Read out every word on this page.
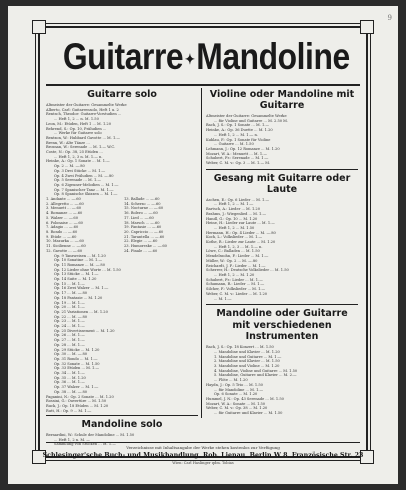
9
Guitarre ✦Mandoline
Guitarre solo
Altmeister der Guitarre: Gesammelte Werke
Alberto, Carl: Guitarrensolo, Heft 1 u. 2
Rentsch, Theodor: Guitarre-Vorstudien ...
... Heft 1, 2 ... n. M. 1.50
Leon, M.: Etüden, Heft 1 ... M. 1.20
Behrend, S.: Op. 10, Präludien ...
... Werke für Guitarre solo
Bentzon, W.: Hubbard Gavotte ... M. 1.—
Brenn, W.: Alte Tänze ...
Brosnan, W.: Serenade ... M. 1.— W.C.
Coste, N.: Op. 38, 25 Etüden ...
... Heft 1, 2, 3 n. M. 1.— n.
Heinke, A.: Op. 1 Sonate ... M. 1.—
Op. 2 ... M. —.80
Op. 3 Drei Stücke ... M. 1.—
Op. 4 Zwei Präludien ... M. —.80
Op. 5 Serenade ... M. 1.—
Op. 6 Zigeuner-Melodien ... M. 1.—
Op. 7 Spanischer Tanz ... M. 1.—
Op. 8 Spanische Skizzen ... M. 1.—
1. Andante ... —.60
2. Allegretto ... —.60
3. Menuett ... —.60
4. Romanze ... —.60
5. Walzer ... —.60
6. Polonaise ... —.60
7. Adagio ... —.60
8. Rondo ... —.60
9. Etüde ... —.60
10. Mazurka ... —.60
11. Sicilienne ... —.60
12. Gavotte ... —.60
13. Ballade ... —.60
14. Scherzo ... —.60
15. Nocturne ... —.60
16. Bolero ... —.60
17. Lied ... —.60
18. Marsch ... —.60
19. Fantasie ... —.60
20. Capriccio ... —.60
21. Tarantella ... —.60
22. Elegie ... —.60
23. Humoreske ... —.60
24. Finale ... —.60
Op. 9 Tanzweisen ... M. 1.20
Op. 10 Sonatine ... M. 1.—
Op. 11 Romanze ... M. —.80
Op. 12 Lieder ohne Worte ... M. 1.50
Op. 13 Stücke ... M. 1.—
Op. 14 Suite ... M. 1.20
Op. 15 ... M. 1.—
Op. 16 Zwei Walzer ... M. 1.—
Op. 17 ... M. —.80
Op. 18 Fantasie ... M. 1.20
Op. 19 ... M. 1.—
Op. 20 ... M. 1.—
Op. 21 Variationen ... M. 1.20
Op. 22 ... M. —.80
Op. 23 ... M. 1.—
Op. 24 ... M. 1.—
Op. 25 Divertissement ... M. 1.20
Op. 26 ... M. 1.—
Op. 27 ... M. 1.—
Op. 28 ... M. 1.—
Op. 29 Stücke ... M. 1.20
Op. 30 ... M. —.80
Op. 31 Rondo ... M. 1.—
Op. 32 Sonate ... M. 1.50
Op. 33 Etüden ... M. 1.—
Op. 34 ... M. 1.—
Op. 35 ... M. 1.20
Op. 36 ... M. 1.—
Op. 37 Walzer ... M. 1.—
Op. 38 ... M. —.80
Paganini, N.: Op. 2 Sonate ... M. 1.20
Rossini, G.: Ouvertüre ... M. 1.50
Ruck, J.: Op. 18 Etüden ... M. 1.20
Rutt, H.: Op. 9 ... M. 1.—
Mandoline solo
Bernardini, W.: Schule der Mandoline ... M. 1.50
... Heft 1, 2 n. M. —
Sammlung von Stücken ... M. 1.—
Violine oder Mandoline mit Guitarre
Altmeister der Guitarre: Gesammelte Werke
... für Violine und Guitarre ... M. 2.50 M.
Bach, J. S.: Op. 1 Sonate ... M. 1.—
Heinke, A.: Op. 36 Duette ... M. 1.20
... Heft 1, 2 ... M. 1.— n.
Kuhlau, F.: Op. 1 Sonate für Violine
... Guitarre ... M. 1.50
Lehmann, J.: Op. 12 Romanze ... M. 1.20
Mozart, W. A.: Menuett ... M. 1.—
Schubert, Fr.: Serenade ... M. 1.—
Weber, C. M. v.: Op. 3 ... M. 1.— M.
Gesang mit Guitarre oder Laute
Aschen, E.: Op. 6 Lieder ... M. 1.—
... Heft 1, 2 ... M. 1.—
Bartsch, A.: Lieder ... M. 1.20
Brahms, J.: Wiegenlied ... M. 1.—
Handl, G.: Op. 10 ... M. 1.20
Heine, H.: Lieder zur Laute ... M. 1.—
... Heft 1, 2 ... M. 1.50
Hermann, H.: Op. 4 Lieder ... M. —.80
Koch, L.: Volkslieder ... M. 1.—
Kothe, R.: Lieder zur Laute ... M. 1.20
... Heft 1, 2, 3 ... M. 1.— n.
Löwe, C.: Balladen ... M. 1.50
Mendelssohn, F.: Lieder ... M. 1.—
Müller, W.: Op. 2 ... M. —.80
Reichardt, J. F.: Lieder ... M. 1.—
Scherrer, H.: Deutsche Volkslieder ... M. 1.50
... Heft 1, 2 ... M. 1.20
Schubert, Fr.: Lieder ... M. 1.—
Schumann, R.: Lieder ... M. 1.—
Silcher, F.: Volkslieder ... M. 1.—
Weber, C. M. v.: Lieder ... M. 1.20
... M. 1.—
Mandoline oder Guitarre
mit verschiedenen Instrumenten
Bach, J. S.: Op. 18 Konzert ... M. 1.50
... Mandoline und Klavier ... M. 1.20
1. Mandoline und Guitarre ... M. 1.—
2. Mandoline und Klavier ... M. 1.50
3. Mandoline und Violine ... M. 1.20
4. Mandoline, Violine und Guitarre ... M. 1.50
5. Mandoline, Guitarre und Klavier ... M. 2.—
... Flöte ... M. 1.20
Haydn, J.: Op. 5 Trio ... M. 1.50
... für Mandoline ... M. 1.—
Op. 6 Sonate ... M. 1.20
Hummel, J. N.: Op. 43 Serenade ... M. 1.50
Mozart, W. A.: Sonate ... M. 1.50
Weber, C. M. v.: Op. 38 ... M. 1.20
... für Guitarre und Klavier ... M. 1.50
Verzeichnisse mit Inhaltsangabe der Werke stehen kostenlos zur Verfügung
Schlesinger'sche Buch- und Musikhandlung, Rob. Lienau, Berlin W 8, Französische Str. 23
Wien: Carl Haslinger qdm. Tobias
